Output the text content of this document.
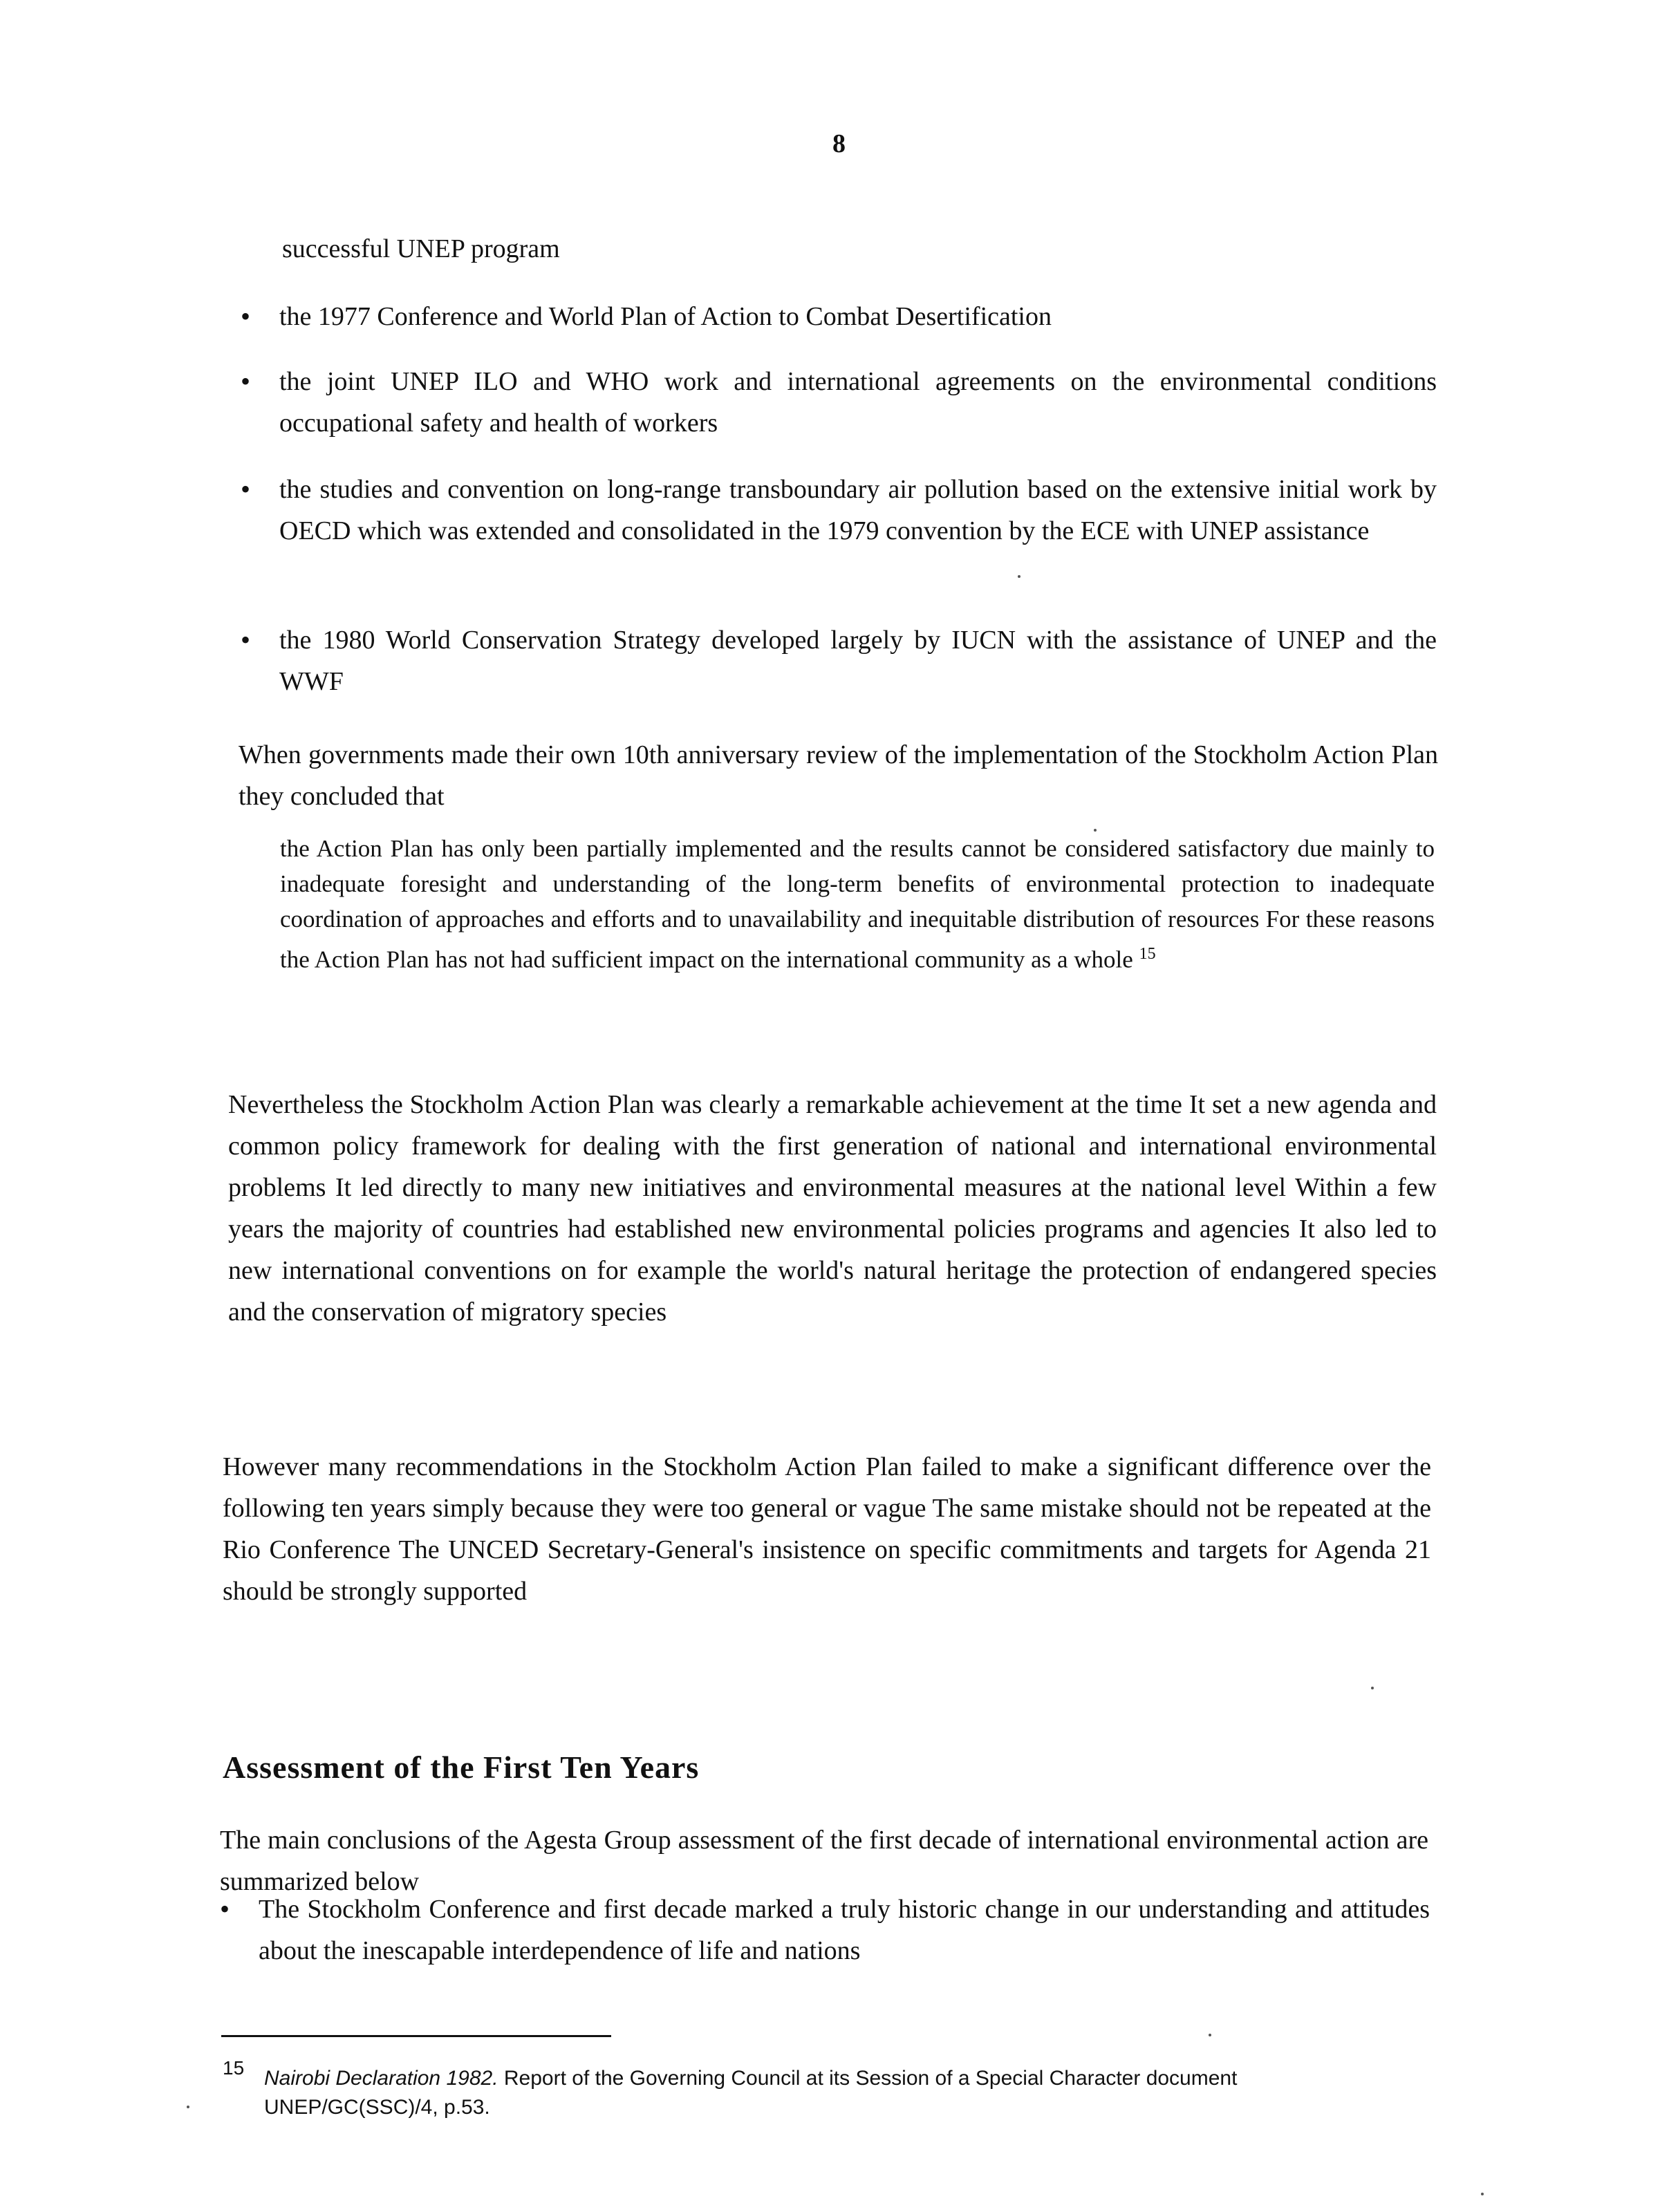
8
successful UNEP program
•	the 1977 Conference and World Plan of Action to Combat Desertification
•	the joint UNEP ILO and WHO work and international agreements on the environmental conditions occupational safety and health of workers
•	the studies and convention on long-range transboundary air pollution based on the extensive initial work by OECD which was extended and consolidated in the 1979 convention by the ECE with UNEP assistance
•	the 1980 World Conservation Strategy developed largely by IUCN with the assistance of UNEP and the WWF
When governments made their own 10th anniversary review of the implementation of the Stockholm Action Plan they concluded that
the Action Plan has only been partially implemented and the results cannot be considered satisfactory due mainly to inadequate foresight and understanding of the long-term benefits of environmental protection to inadequate coordination of approaches and efforts and to unavailability and inequitable distribution of resources For these reasons the Action Plan has not had sufficient impact on the international community as a whole $^{15}$
Nevertheless the Stockholm Action Plan was clearly a remarkable achievement at the time It set a new agenda and common policy framework for dealing with the first generation of national and international environmental problems It led directly to many new initiatives and environmental measures at the national level Within a few years the majority of countries had established new environmental policies programs and agencies It also led to new international conventions on for example the world's natural heritage the protection of endangered species and the conservation of migratory species
However many recommendations in the Stockholm Action Plan failed to make a significant difference over the following ten years simply because they were too general or vague The same mistake should not be repeated at the Rio Conference The UNCED Secretary-General's insistence on specific commitments and targets for Agenda 21 should be strongly supported
Assessment of the First Ten Years
The main conclusions of the Agesta Group assessment of the first decade of international environmental action are summarized below
•	The Stockholm Conference and first decade marked a truly historic change in our understanding and attitudes about the inescapable interdependence of life and nations
15 Nairobi Declaration 1982. Report of the Governing Council at its Session of a Special Character document UNEP/GC(SSC)/4, p.53.
